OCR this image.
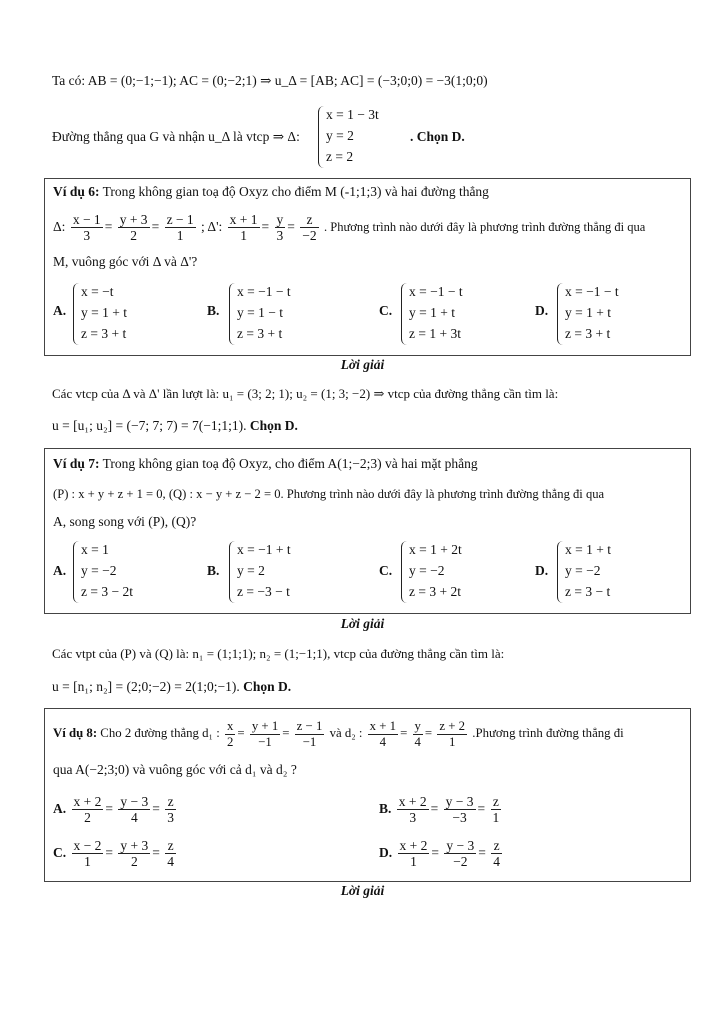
Ta có: AB = (0;−1;−1); AC = (0;−2;1) ⇒ u_Δ = [AB; AC] = (−3;0;0) = −3(1;0;0)
Đường thẳng qua G và nhận u_Δ là vtcp ⇒ Δ:
x = 1 − 3t
y = 2
z = 2
. Chọn D.
Ví dụ 6: Trong không gian toạ độ Oxyz cho điểm M (-1;1;3) và hai đường thẳng
Δ: $\frac{x - 1}{3} = \frac{y + 3}{2} = \frac{z - 1}{1}$ ; Δ': $\frac{x + 1}{1} = \frac{y}{3} = \frac{z}{-2}$ . Phương trình nào dưới đây là phương trình đường thẳng đi qua
M, vuông góc với Δ và Δ'?
A.
x = −t
y = 1 + t
z = 3 + t
B.
x = −1 − t
y = 1 − t
z = 3 + t
C.
x = −1 − t
y = 1 + t
z = 1 + 3t
D.
x = −1 − t
y = 1 + t
z = 3 + t
Lời giải
Các vtcp của Δ và Δ' lần lượt là: u₁ = (3; 2; 1); u₂ = (1; 3; −2) ⇒ vtcp của đường thẳng cần tìm là:
u = [u₁; u₂] = (−7; 7; 7) = 7(−1;1;1). Chọn D.
Ví dụ 7: Trong không gian toạ độ Oxyz, cho điểm A(1;−2;3) và hai mặt phẳng
(P) : x + y + z + 1 = 0, (Q) : x − y + z − 2 = 0. Phương trình nào dưới đây là phương trình đường thẳng đi qua
A, song song với (P), (Q)?
A.
x = 1
y = −2
z = 3 − 2t
B.
x = −1 + t
y = 2
z = −3 − t
C.
x = 1 + 2t
y = −2
z = 3 + 2t
D.
x = 1 + t
y = −2
z = 3 − t
Lời giải
Các vtpt của (P) và (Q) là: n₁ = (1;1;1); n₂ = (1;−1;1), vtcp của đường thẳng cần tìm là:
u = [n₁; n₂] = (2;0;−2) = 2(1;0;−1). Chọn D.
Ví dụ 8: Cho 2 đường thẳng d₁ : $\frac{x}{2} = \frac{y + 1}{-1} = \frac{z - 1}{-1}$ và d₂ : $\frac{x + 1}{4} = \frac{y}{4} = \frac{z + 2}{1}$ .Phương trình đường thẳng đi
qua A(−2;3;0) và vuông góc với cả d₁ và d₂ ?
A. $\frac{x + 2}{2} = \frac{y - 3}{4} = \frac{z}{3}$	B. $\frac{x + 2}{3} = \frac{y - 3}{-3} = \frac{z}{1}$
C. $\frac{x - 2}{1} = \frac{y + 3}{2} = \frac{z}{4}$	D. $\frac{x + 2}{1} = \frac{y - 3}{-2} = \frac{z}{4}$
Lời giải
